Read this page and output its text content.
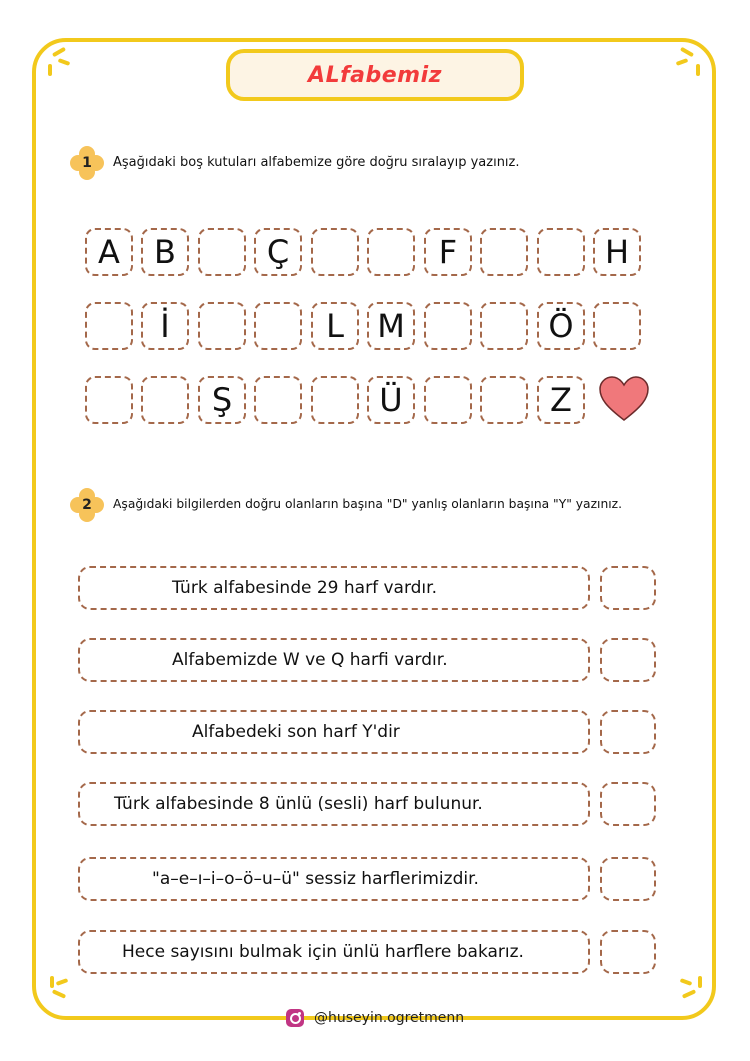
ALfabemiz
1	Aşağıdaki boş kutuları alfabemize göre doğru sıralayıp yazınız.
A	B	Ç	F	H
İ	L	M	Ö
Ş	Ü	Z
2	Aşağıdaki bilgilerden doğru olanların başına "D" yanlış olanların başına "Y" yazınız.
Türk alfabesinde 29 harf vardır.
Alfabemizde W ve Q harfi vardır.
Alfabedeki son harf Y'dir
Türk alfabesinde 8 ünlü (sesli) harf bulunur.
"a–e–ı–i–o–ö–u–ü" sessiz harflerimizdir.
Hece sayısını bulmak için ünlü harflere bakarız.
@huseyin.ogretmenn
